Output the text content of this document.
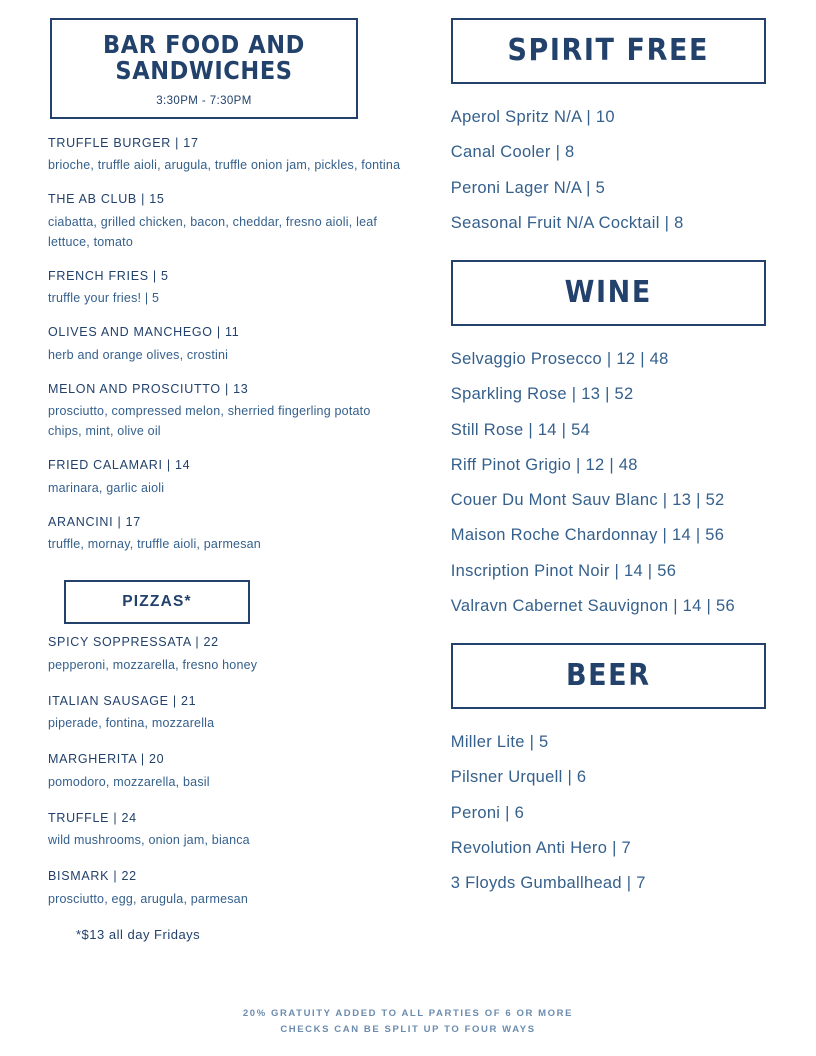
BAR FOOD AND SANDWICHES
3:30PM - 7:30PM
TRUFFLE BURGER | 17
brioche, truffle aioli, arugula, truffle onion jam, pickles, fontina
THE AB CLUB | 15
ciabatta, grilled chicken, bacon, cheddar, fresno aioli, leaf lettuce, tomato
FRENCH FRIES | 5
truffle your fries! | 5
OLIVES AND MANCHEGO | 11
herb and orange olives, crostini
MELON AND PROSCIUTTO | 13
prosciutto, compressed melon, sherried fingerling potato chips, mint, olive oil
FRIED CALAMARI | 14
marinara, garlic aioli
ARANCINI | 17
truffle, mornay, truffle aioli, parmesan
PIZZAS*
SPICY SOPPRESSATA | 22
pepperoni, mozzarella, fresno honey
ITALIAN SAUSAGE | 21
piperade, fontina, mozzarella
MARGHERITA | 20
pomodoro, mozzarella, basil
TRUFFLE | 24
wild mushrooms, onion jam, bianca
BISMARK | 22
prosciutto, egg, arugula, parmesan
*$13 all day Fridays
SPIRIT FREE
Aperol Spritz N/A | 10
Canal Cooler | 8
Peroni Lager N/A | 5
Seasonal Fruit N/A Cocktail | 8
WINE
Selvaggio Prosecco | 12 | 48
Sparkling Rose | 13 | 52
Still Rose | 14 | 54
Riff Pinot Grigio | 12 | 48
Couer Du Mont Sauv Blanc | 13 | 52
Maison Roche Chardonnay | 14 | 56
Inscription Pinot Noir | 14 | 56
Valravn Cabernet Sauvignon | 14 | 56
BEER
Miller Lite | 5
Pilsner Urquell | 6
Peroni | 6
Revolution Anti Hero | 7
3 Floyds Gumballhead | 7
20% GRATUITY ADDED TO ALL PARTIES OF 6 OR MORE
CHECKS CAN BE SPLIT UP TO FOUR WAYS
